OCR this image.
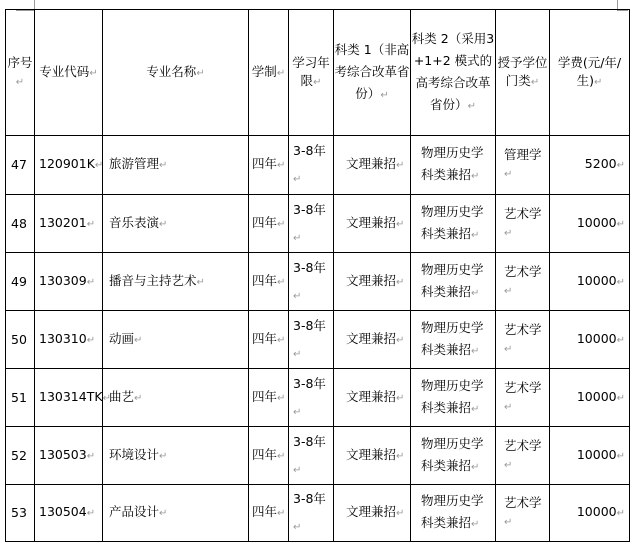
序号↵	专业代码↵	专业名称↵	学制↵	学习年限↵	科类 1（非高考综合改革省份）↵	科类 2（采用3+1+2 模式的高考综合改革省份）↵	授予学位门类↵	学费(元/年/生)↵
47	120901K↵	旅游管理↵	四年↵	3-8年↵	文理兼招↵	物理历史学科类兼招↵	管理学↵	5200↵
48	130201↵	音乐表演↵	四年↵	3-8年↵	文理兼招↵	物理历史学科类兼招↵	艺术学↵	10000↵
49	130309↵	播音与主持艺术↵	四年↵	3-8年↵	文理兼招↵	物理历史学科类兼招↵	艺术学↵	10000↵
50	130310↵	动画↵	四年↵	3-8年↵	文理兼招↵	物理历史学科类兼招↵	艺术学↵	10000↵
51	130314TK↵	曲艺↵	四年↵	3-8年↵	文理兼招↵	物理历史学科类兼招↵	艺术学↵	10000↵
52	130503↵	环境设计↵	四年↵	3-8年↵	文理兼招↵	物理历史学科类兼招↵	艺术学↵	10000↵
53	130504↵	产品设计↵	四年↵	3-8年↵	文理兼招↵	物理历史学科类兼招↵	艺术学↵	10000↵
